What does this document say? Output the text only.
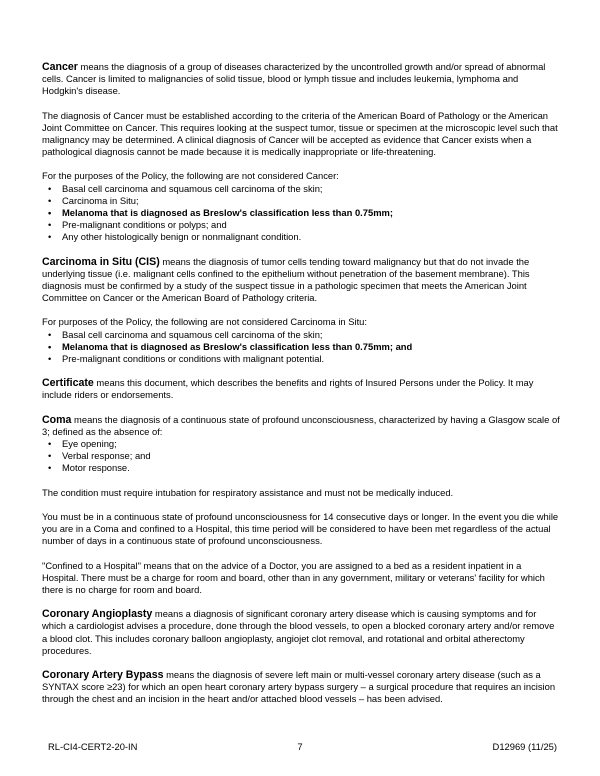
Cancer means the diagnosis of a group of diseases characterized by the uncontrolled growth and/or spread of abnormal cells. Cancer is limited to malignancies of solid tissue, blood or lymph tissue and includes leukemia, lymphoma and Hodgkin's disease.

The diagnosis of Cancer must be established according to the criteria of the American Board of Pathology or the American Joint Committee on Cancer. This requires looking at the suspect tumor, tissue or specimen at the microscopic level such that malignancy may be determined. A clinical diagnosis of Cancer will be accepted as evidence that Cancer exists when a pathological diagnosis cannot be made because it is medically inappropriate or life-threatening.

For the purposes of the Policy, the following are not considered Cancer:

• Basal cell carcinoma and squamous cell carcinoma of the skin;
• Carcinoma in Situ;
• Melanoma that is diagnosed as Breslow's classification less than 0.75mm;
• Pre-malignant conditions or polyps; and
• Any other histologically benign or nonmalignant condition.

Carcinoma in Situ (CIS) means the diagnosis of tumor cells tending toward malignancy but that do not invade the underlying tissue (i.e. malignant cells confined to the epithelium without penetration of the basement membrane). This diagnosis must be confirmed by a study of the suspect tissue in a pathologic specimen that meets the American Joint Committee on Cancer or the American Board of Pathology criteria.

For purposes of the Policy, the following are not considered Carcinoma in Situ:

• Basal cell carcinoma and squamous cell carcinoma of the skin;
• Melanoma that is diagnosed as Breslow's classification less than 0.75mm; and
• Pre-malignant conditions or conditions with malignant potential.

Certificate means this document, which describes the benefits and rights of Insured Persons under the Policy. It may include riders or endorsements.

Coma means the diagnosis of a continuous state of profound unconsciousness, characterized by having a Glasgow scale of 3; defined as the absence of:

• Eye opening;
• Verbal response; and
• Motor response.

The condition must require intubation for respiratory assistance and must not be medically induced.

You must be in a continuous state of profound unconsciousness for 14 consecutive days or longer. In the event you die while you are in a Coma and confined to a Hospital, this time period will be considered to have been met regardless of the actual number of days in a continuous state of profound unconsciousness.

"Confined to a Hospital" means that on the advice of a Doctor, you are assigned to a bed as a resident inpatient in a Hospital. There must be a charge for room and board, other than in any government, military or veterans' facility for which there is no charge for room and board.

Coronary Angioplasty means a diagnosis of significant coronary artery disease which is causing symptoms and for which a cardiologist advises a procedure, done through the blood vessels, to open a blocked coronary artery and/or remove a blood clot. This includes coronary balloon angioplasty, angiojet clot removal, and rotational and orbital atherectomy procedures.

Coronary Artery Bypass means the diagnosis of severe left main or multi-vessel coronary artery disease (such as a SYNTAX score ≥23) for which an open heart coronary artery bypass surgery – a surgical procedure that requires an incision through the chest and an incision in the heart and/or attached blood vessels – has been advised.

RL-CI4-CERT2-20-IN	7	D12969 (11/25)
